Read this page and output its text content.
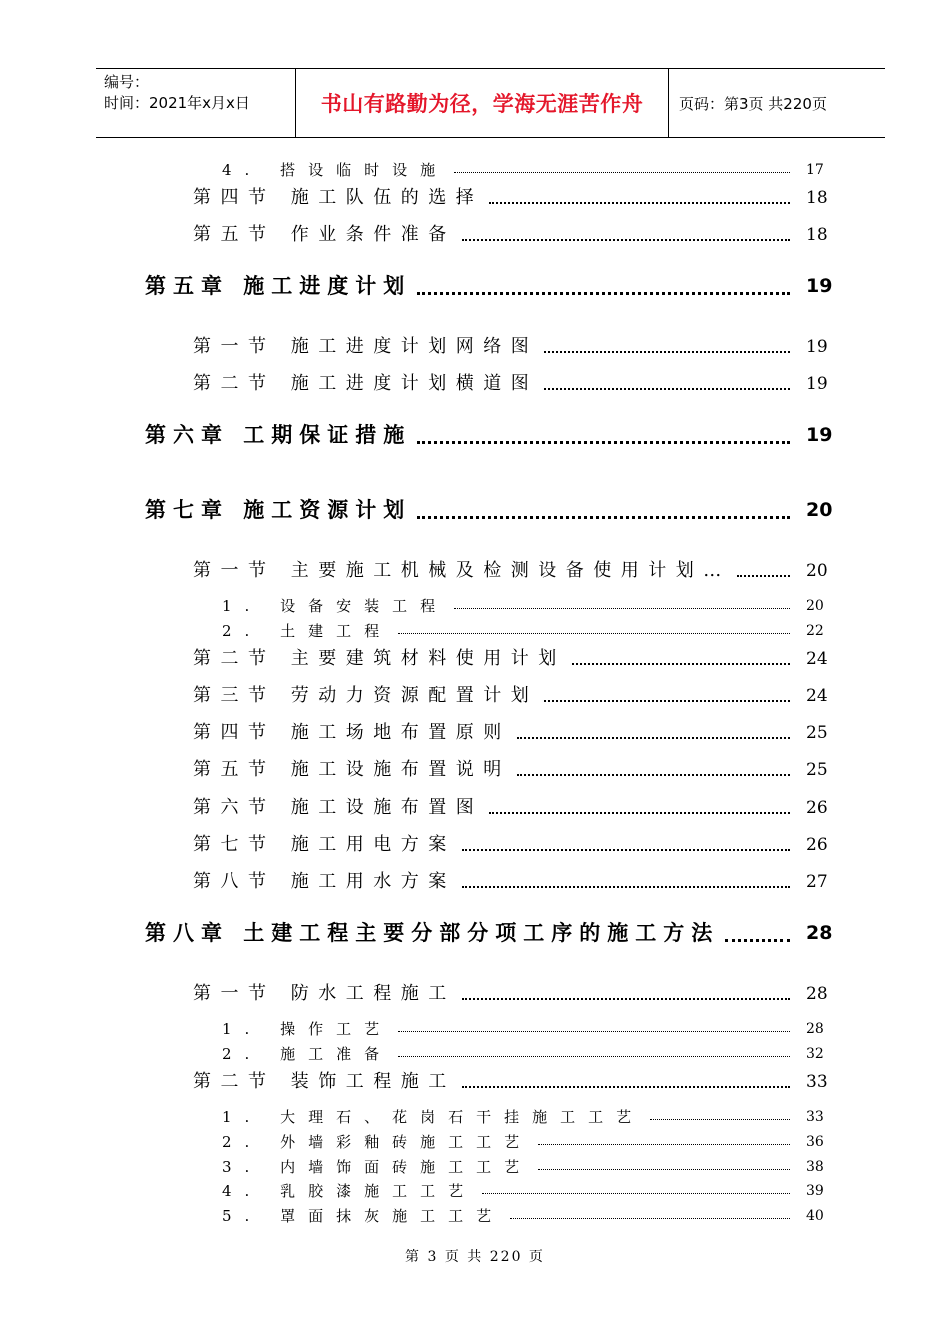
编号：
时间：2021年x月x日	书山有路勤为径，学海无涯苦作舟	页码：第3页 共220页
4. 搭设临时设施	17
第四节 施工队伍的选择	18
第五节 作业条件准备	18
第五章 施工进度计划	19
第一节 施工进度计划网络图	19
第二节 施工进度计划横道图	19
第六章 工期保证措施	19
第七章 施工资源计划	20
第一节 主要施工机械及检测设备使用计划…	20
1. 设备安装工程	20
2. 土建工程	22
第二节 主要建筑材料使用计划	24
第三节 劳动力资源配置计划	24
第四节 施工场地布置原则	25
第五节 施工设施布置说明	25
第六节 施工设施布置图	26
第七节 施工用电方案	26
第八节 施工用水方案	27
第八章 土建工程主要分部分项工序的施工方法	28
第一节 防水工程施工	28
1. 操作工艺	28
2. 施工准备	32
第二节 装饰工程施工	33
1. 大理石、花岗石干挂施工工艺	33
2. 外墙彩釉砖施工工艺	36
3. 内墙饰面砖施工工艺	38
4. 乳胶漆施工工艺	39
5. 罩面抹灰施工工艺	40
第 3 页 共 220 页
